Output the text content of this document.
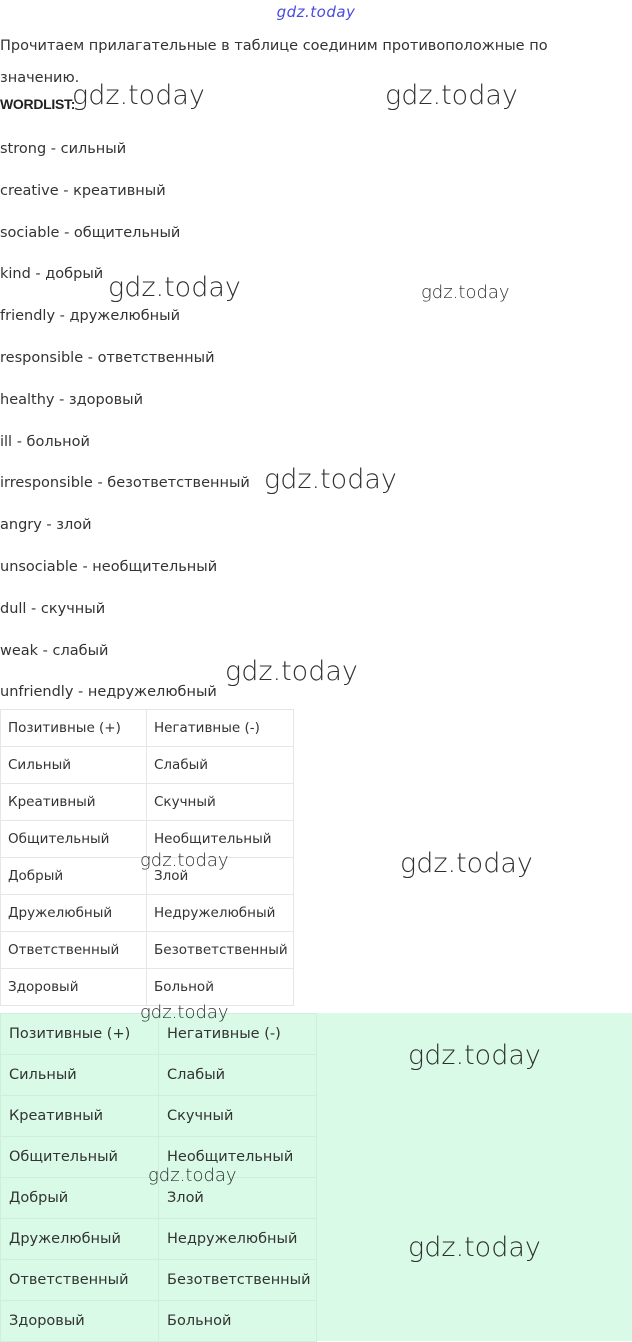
gdz.today
Прочитаем прилагательные в таблице соединим противоположные по
значению.
WORDLIST:
strong - сильный
creative - креативный
sociable - общительный
kind - добрый
friendly - дружелюбный
responsible - ответственный
healthy - здоровый
ill - больной
irresponsible - безответственный
angry - злой
unsociable - необщительный
dull - скучный
weak - слабый
unfriendly - недружелюбный
Позитивные (+)	Негативные (-)
Сильный	Слабый
Креативный	Скучный
Общительный	Необщительный
Добрый	Злой
Дружелюбный	Недружелюбный
Ответственный	Безответственный
Здоровый	Больной
Позитивные (+)	Негативные (-)
Сильный	Слабый
Креативный	Скучный
Общительный	Необщительный
Добрый	Злой
Дружелюбный	Недружелюбный
Ответственный	Безответственный
Здоровый	Больной
gdz.today	gdz.today
gdz.today	gdz.today
gdz.today
gdz.today
gdz.today	gdz.today
gdz.today
gdz.today
gdz.today
gdz.today
